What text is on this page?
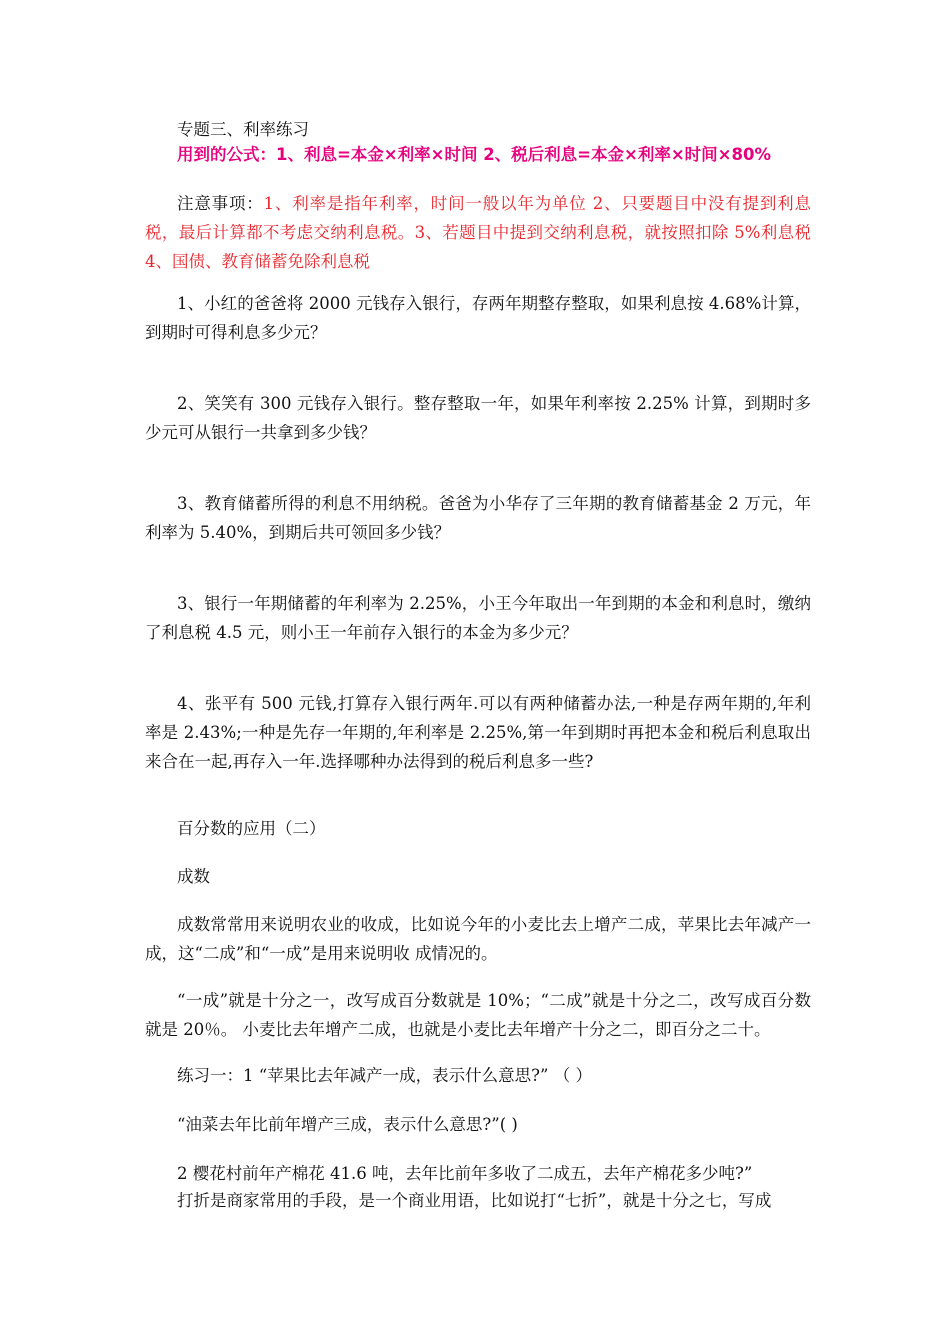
专题三、利率练习

用到的公式：1、利息=本金×利率×时间 2、税后利息=本金×利率×时间×80%

注意事项：1、利率是指年利率，时间一般以年为单位 2、只要题目中没有提到利息税，最后计算都不考虑交纳利息税。3、若题目中提到交纳利息税，就按照扣除 5%利息税 4、国债、教育储蓄免除利息税

1、小红的爸爸将 2000 元钱存入银行，存两年期整存整取，如果利息按 4.68%计算，到期时可得利息多少元？

2、笑笑有 300 元钱存入银行。整存整取一年，如果年利率按 2.25% 计算，到期时多少元可从银行一共拿到多少钱？

3、教育储蓄所得的利息不用纳税。爸爸为小华存了三年期的教育储蓄基金 2 万元，年利率为 5.40%，到期后共可领回多少钱？

3、银行一年期储蓄的年利率为 2.25%，小王今年取出一年到期的本金和利息时，缴纳了利息税 4.5 元，则小王一年前存入银行的本金为多少元？

4、张平有 500 元钱,打算存入银行两年.可以有两种储蓄办法,一种是存两年期的,年利率是 2.43%;一种是先存一年期的,年利率是 2.25%,第一年到期时再把本金和税后利息取出来合在一起,再存入一年.选择哪种办法得到的税后利息多一些?

百分数的应用（二）

成数

成数常常用来说明农业的收成，比如说今年的小麦比去上增产二成，苹果比去年减产一成，这“二成”和“一成”是用来说明收 成情况的。

“一成”就是十分之一，改写成百分数就是 10%；“二成”就是十分之二，改写成百分数就是 20％。 小麦比去年增产二成，也就是小麦比去年增产十分之二，即百分之二十。

练习一：1 “苹果比去年减产一成，表示什么意思?” （ ）

“油菜去年比前年增产三成，表示什么意思?”( )

2 樱花村前年产棉花 41.6 吨，去年比前年多收了二成五，去年产棉花多少吨?”

打折是商家常用的手段，是一个商业用语，比如说打“七折”，就是十分之七，写成
